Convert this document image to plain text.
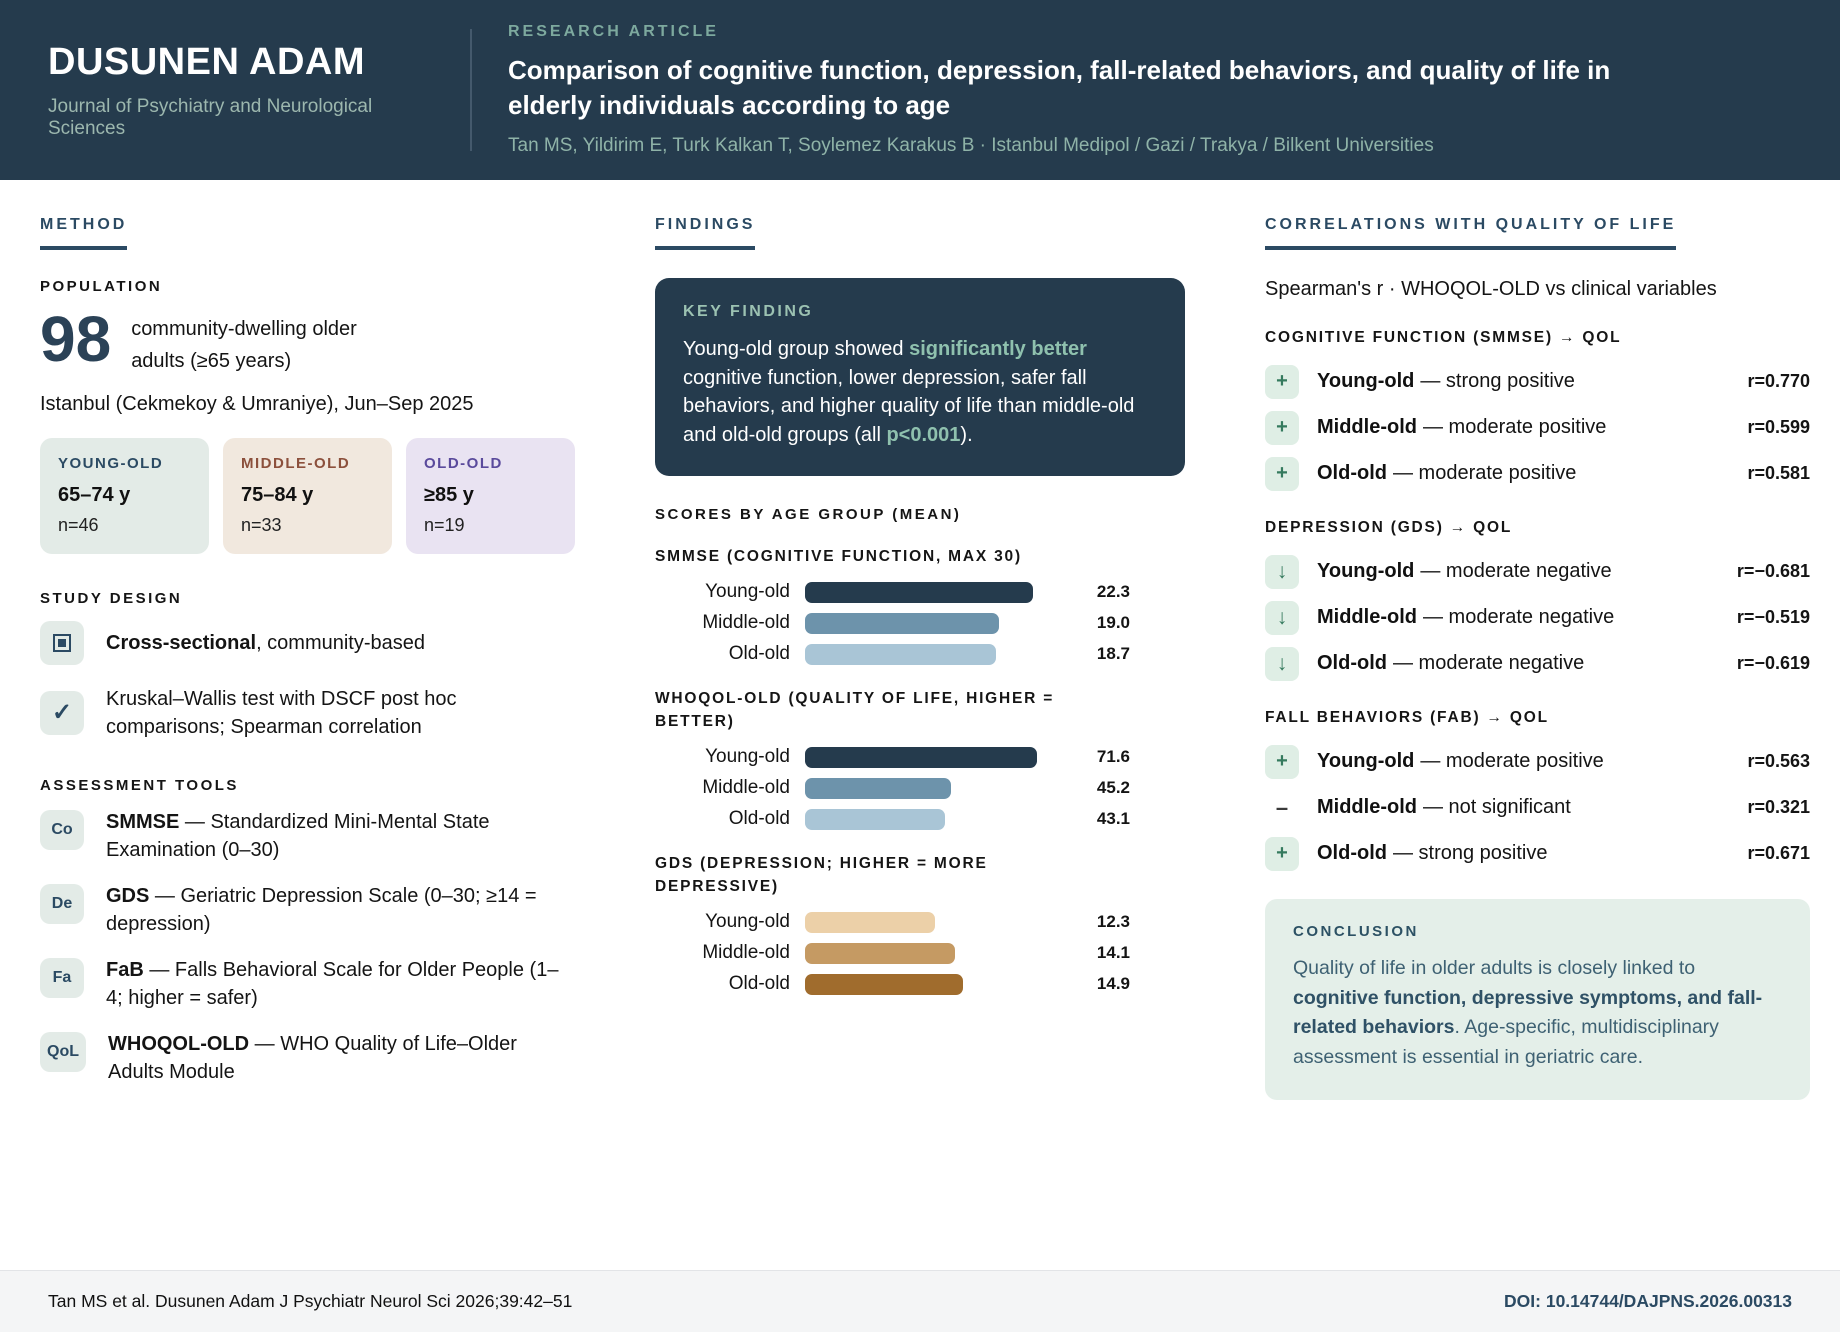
DUSUNEN ADAM
Journal of Psychiatry and Neurological Sciences
RESEARCH ARTICLE
Comparison of cognitive function, depression, fall-related behaviors, and quality of life in elderly individuals according to age
Tan MS, Yildirim E, Turk Kalkan T, Soylemez Karakus B · Istanbul Medipol / Gazi / Trakya / Bilkent Universities
METHOD
POPULATION
98 community-dwelling older adults (≥65 years)
Istanbul (Cekmekoy & Umraniye), Jun–Sep 2025
YOUNG-OLD
65–74 y
n=46
MIDDLE-OLD
75–84 y
n=33
OLD-OLD
≥85 y
n=19
STUDY DESIGN
Cross-sectional, community-based
✓ Kruskal–Wallis test with DSCF post hoc comparisons; Spearman correlation
ASSESSMENT TOOLS
Co	SMMSE — Standardized Mini-Mental State Examination (0–30)
De	GDS — Geriatric Depression Scale (0–30; ≥14 = depression)
Fa	FaB — Falls Behavioral Scale for Older People (1–4; higher = safer)
QoL	WHOQOL-OLD — WHO Quality of Life–Older Adults Module
FINDINGS
KEY FINDING
Young-old group showed significantly better cognitive function, lower depression, safer fall behaviors, and higher quality of life than middle-old and old-old groups (all p<0.001).
SCORES BY AGE GROUP (MEAN)
SMMSE (COGNITIVE FUNCTION, MAX 30)
Young-old	22.3
Middle-old	19.0
Old-old	18.7
WHOQOL-OLD (QUALITY OF LIFE, HIGHER = BETTER)
Young-old	71.6
Middle-old	45.2
Old-old	43.1
GDS (DEPRESSION; HIGHER = MORE DEPRESSIVE)
Young-old	12.3
Middle-old	14.1
Old-old	14.9
CORRELATIONS WITH QUALITY OF LIFE
Spearman's r · WHOQOL-OLD vs clinical variables
COGNITIVE FUNCTION (SMMSE) → QOL
+	Young-old — strong positive	r=0.770
+	Middle-old — moderate positive	r=0.599
+	Old-old — moderate positive	r=0.581
DEPRESSION (GDS) → QOL
↓	Young-old — moderate negative	r=−0.681
↓	Middle-old — moderate negative	r=−0.519
↓	Old-old — moderate negative	r=−0.619
FALL BEHAVIORS (FAB) → QOL
+	Young-old — moderate positive	r=0.563
–	Middle-old — not significant	r=0.321
+	Old-old — strong positive	r=0.671
CONCLUSION
Quality of life in older adults is closely linked to cognitive function, depressive symptoms, and fall-related behaviors. Age-specific, multidisciplinary assessment is essential in geriatric care.
Tan MS et al. Dusunen Adam J Psychiatr Neurol Sci 2026;39:42–51	DOI: 10.14744/DAJPNS.2026.00313
